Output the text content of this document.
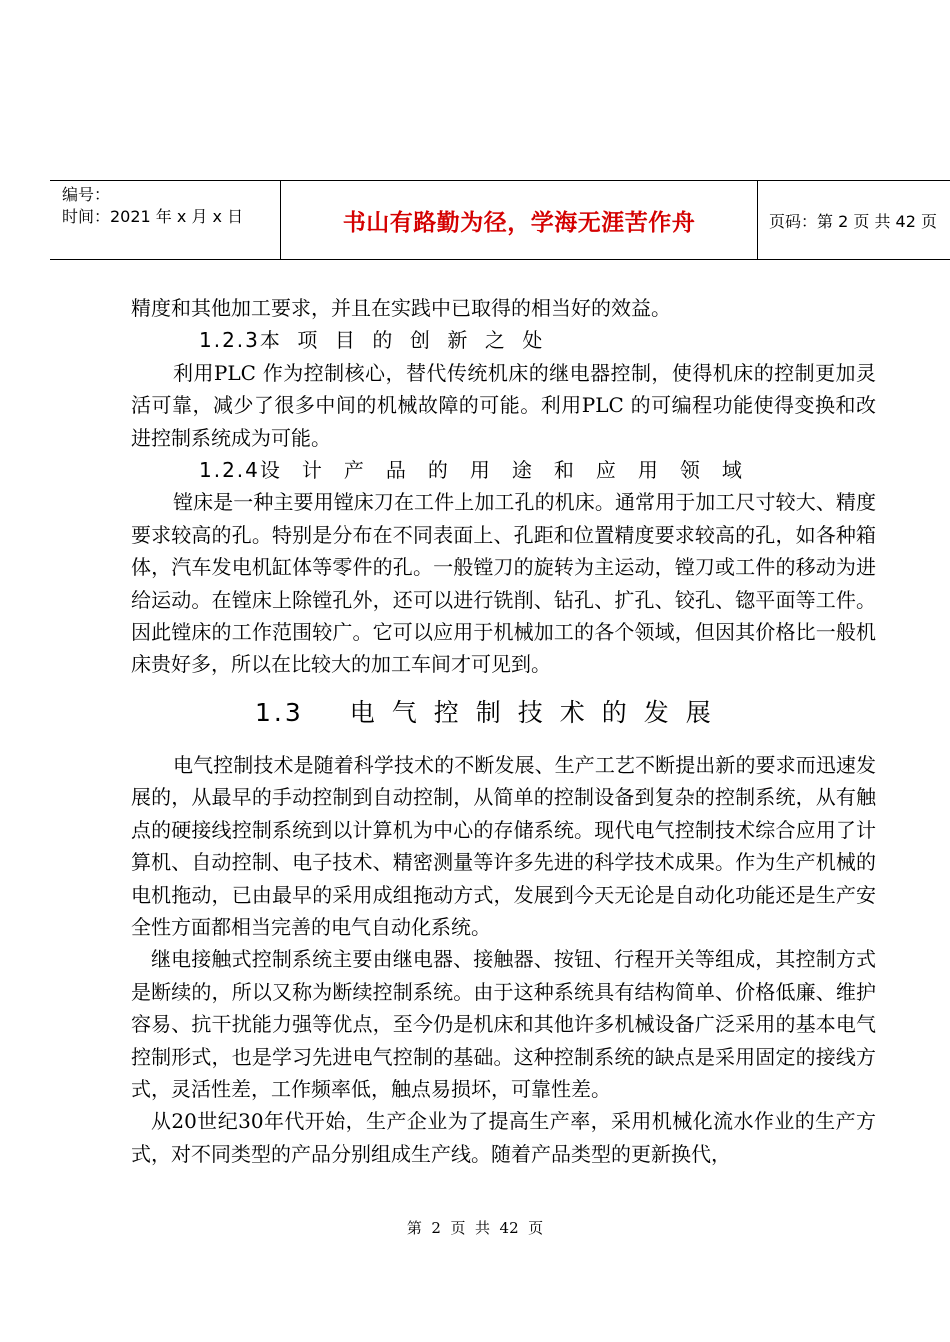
编号：
时间：2021 年 x 月 x 日	书山有路勤为径，学海无涯苦作舟	页码：第 2 页 共 42 页

精度和其他加工要求，并且在实践中已取得的相当好的效益。

1.2.3本项目的创新之处

利用PLC 作为控制核心，替代传统机床的继电器控制，使得机床的控制更加灵活可靠，减少了很多中间的机械故障的可能。利用PLC 的可编程功能使得变换和改进控制系统成为可能。

1.2.4设计产品的用途和应用领域

镗床是一种主要用镗床刀在工件上加工孔的机床。通常用于加工尺寸较大、精度要求较高的孔。特别是分布在不同表面上、孔距和位置精度要求较高的孔，如各种箱体，汽车发电机缸体等零件的孔。一般镗刀的旋转为主运动，镗刀或工件的移动为进给运动。在镗床上除镗孔外，还可以进行铣削、钻孔、扩孔、铰孔、锪平面等工件。因此镗床的工作范围较广。它可以应用于机械加工的各个领域，但因其价格比一般机床贵好多，所以在比较大的加工车间才可见到。

1.3 电气控制技术的发展

电气控制技术是随着科学技术的不断发展、生产工艺不断提出新的要求而迅速发展的，从最早的手动控制到自动控制，从简单的控制设备到复杂的控制系统，从有触点的硬接线控制系统到以计算机为中心的存储系统。现代电气控制技术综合应用了计算机、自动控制、电子技术、精密测量等许多先进的科学技术成果。作为生产机械的电机拖动，已由最早的采用成组拖动方式，发展到今天无论是自动化功能还是生产安全性方面都相当完善的电气自动化系统。

继电接触式控制系统主要由继电器、接触器、按钮、行程开关等组成，其控制方式是断续的，所以又称为断续控制系统。由于这种系统具有结构简单、价格低廉、维护容易、抗干扰能力强等优点，至今仍是机床和其他许多机械设备广泛采用的基本电气控制形式，也是学习先进电气控制的基础。这种控制系统的缺点是采用固定的接线方式，灵活性差，工作频率低，触点易损坏，可靠性差。

从20世纪30年代开始，生产企业为了提高生产率，采用机械化流水作业的生产方式，对不同类型的产品分别组成生产线。随着产品类型的更新换代，

第  2  页  共  42  页
